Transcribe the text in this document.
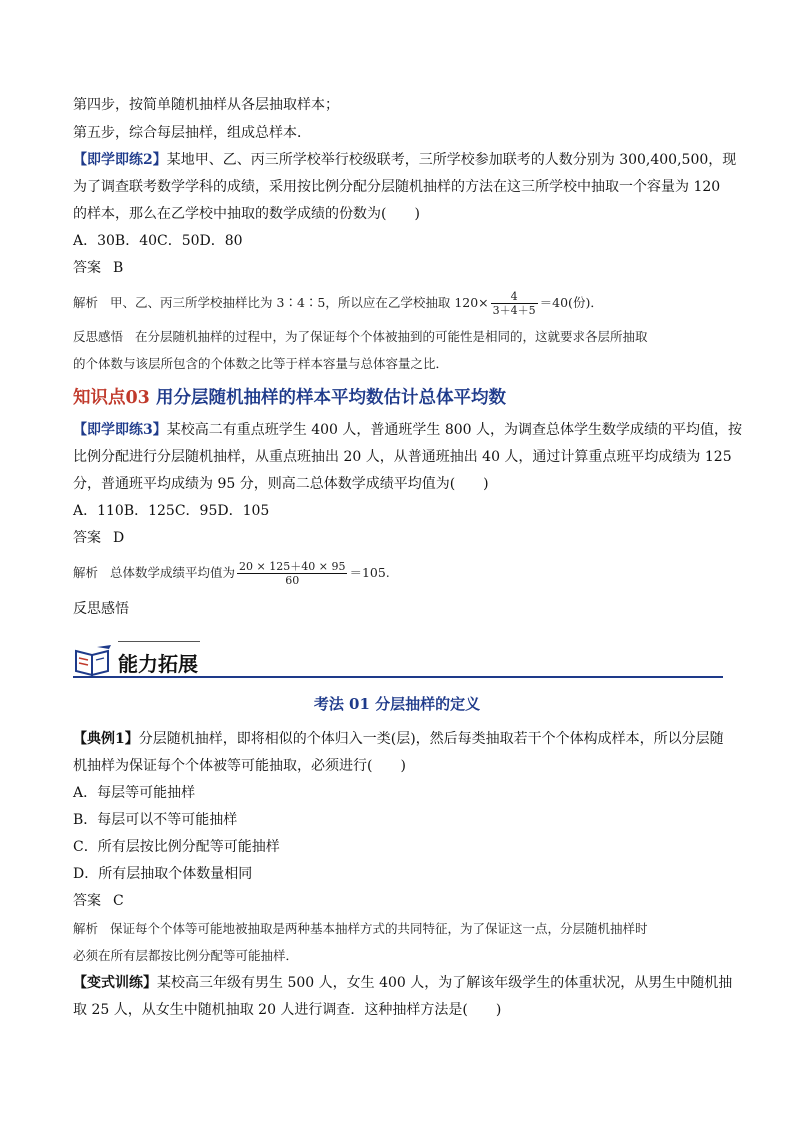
第四步，按简单随机抽样从各层抽取样本；
第五步，综合每层抽样，组成总样本．
【即学即练2】某地甲、乙、丙三所学校举行校级联考，三所学校参加联考的人数分别为 300,400,500，现
为了调查联考数学学科的成绩，采用按比例分配分层随机抽样的方法在这三所学校中抽取一个容量为 120
的样本，那么在乙学校中抽取的数学成绩的份数为(　　)
A．30B．40C．50D．80
答案 B
解析 甲、乙、丙三所学校抽样比为 3∶4∶5，所以应在乙学校抽取 $120\times \frac{4}{3+4+5} =40$(份)．
反思感悟 在分层随机抽样的过程中，为了保证每个个体被抽到的可能性是相同的，这就要求各层所抽取
的个体数与该层所包含的个体数之比等于样本容量与总体容量之比．
知识点03 用分层随机抽样的样本平均数估计总体平均数
【即学即练3】某校高二有重点班学生 400 人，普通班学生 800 人，为调查总体学生数学成绩的平均值，按
比例分配进行分层随机抽样，从重点班抽出 20 人，从普通班抽出 40 人，通过计算重点班平均成绩为 125
分，普通班平均成绩为 95 分，则高二总体数学成绩平均值为(　　)
A．110B．125C．95D．105
答案 D
解析 总体数学成绩平均值为 $\frac{20 \times 125+40 \times 95}{60} =105$.
反思感悟
能力拓展
考法 01 分层抽样的定义
【典例1】分层随机抽样，即将相似的个体归入一类(层)，然后每类抽取若干个个体构成样本，所以分层随
机抽样为保证每个个体被等可能抽取，必须进行(　　)
A．每层等可能抽样
B．每层可以不等可能抽样
C．所有层按比例分配等可能抽样
D．所有层抽取个体数量相同
答案 C
解析 保证每个个体等可能地被抽取是两种基本抽样方式的共同特征，为了保证这一点，分层随机抽样时
必须在所有层都按比例分配等可能抽样．
【变式训练】某校高三年级有男生 500 人，女生 400 人，为了解该年级学生的体重状况，从男生中随机抽
取 25 人，从女生中随机抽取 20 人进行调查．这种抽样方法是(　　)
